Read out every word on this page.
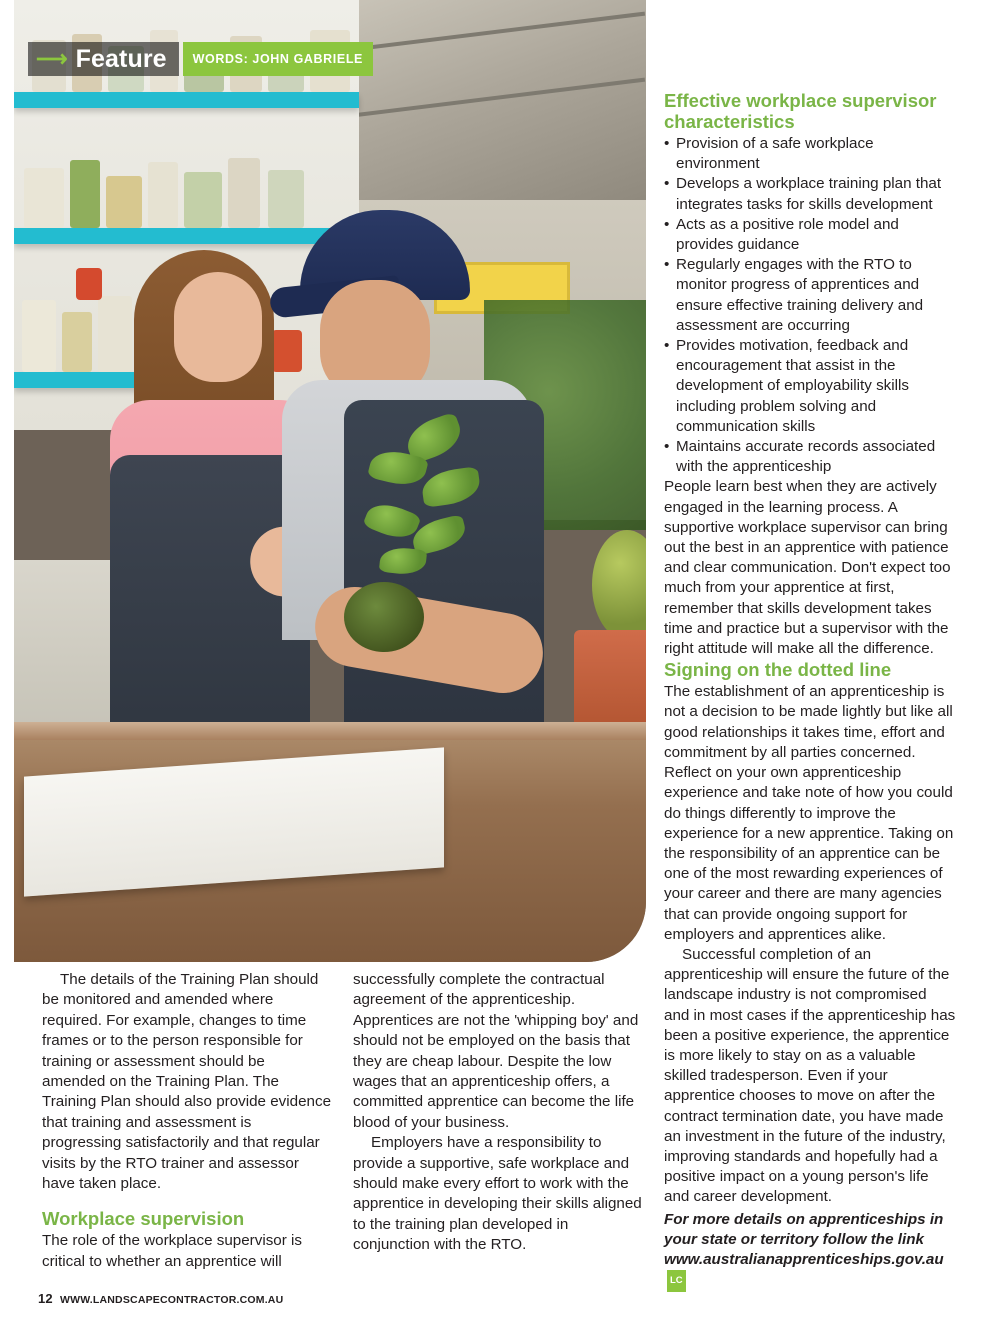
⟶ Feature	WORDS: JOHN GABRIELE
Effective workplace supervisor characteristics
• Provision of a safe workplace environment
• Develops a workplace training plan that integrates tasks for skills development
• Acts as a positive role model and provides guidance
• Regularly engages with the RTO to monitor progress of apprentices and ensure effective training delivery and assessment are occurring
• Provides motivation, feedback and encouragement that assist in the development of employability skills including problem solving and communication skills
• Maintains accurate records associated with the apprenticeship

People learn best when they are actively engaged in the learning process. A supportive workplace supervisor can bring out the best in an apprentice with patience and clear communication. Don't expect too much from your apprentice at first, remember that skills development takes time and practice but a supervisor with the right attitude will make all the difference.

Signing on the dotted line

The establishment of an apprenticeship is not a decision to be made lightly but like all good relationships it takes time, effort and commitment by all parties concerned. Reflect on your own apprenticeship experience and take note of how you could do things differently to improve the experience for a new apprentice. Taking on the responsibility of an apprentice can be one of the most rewarding experiences of your career and there are many agencies that can provide ongoing support for employers and apprentices alike.

Successful completion of an apprenticeship will ensure the future of the landscape industry is not compromised and in most cases if the apprenticeship has been a positive experience, the apprentice is more likely to stay on as a valuable skilled tradesperson. Even if your apprentice chooses to move on after the contract termination date, you have made an investment in the future of the industry, improving standards and hopefully had a positive impact on a young person's life and career development.

For more details on apprenticeships in your state or territory follow the link www.australianapprenticeships.gov.auLC

The details of the Training Plan should be monitored and amended where required. For example, changes to time frames or to the person responsible for training or assessment should be amended on the Training Plan. The Training Plan should also provide evidence that training and assessment is progressing satisfactorily and that regular visits by the RTO trainer and assessor have taken place.

Workplace supervision

The role of the workplace supervisor is critical to whether an apprentice will

successfully complete the contractual agreement of the apprenticeship. Apprentices are not the 'whipping boy' and should not be employed on the basis that they are cheap labour. Despite the low wages that an apprenticeship offers, a committed apprentice can become the life blood of your business.

Employers have a responsibility to provide a supportive, safe workplace and should make every effort to work with the apprentice in developing their skills aligned to the training plan developed in conjunction with the RTO.

12 WWW.LANDSCAPECONTRACTOR.COM.AU
